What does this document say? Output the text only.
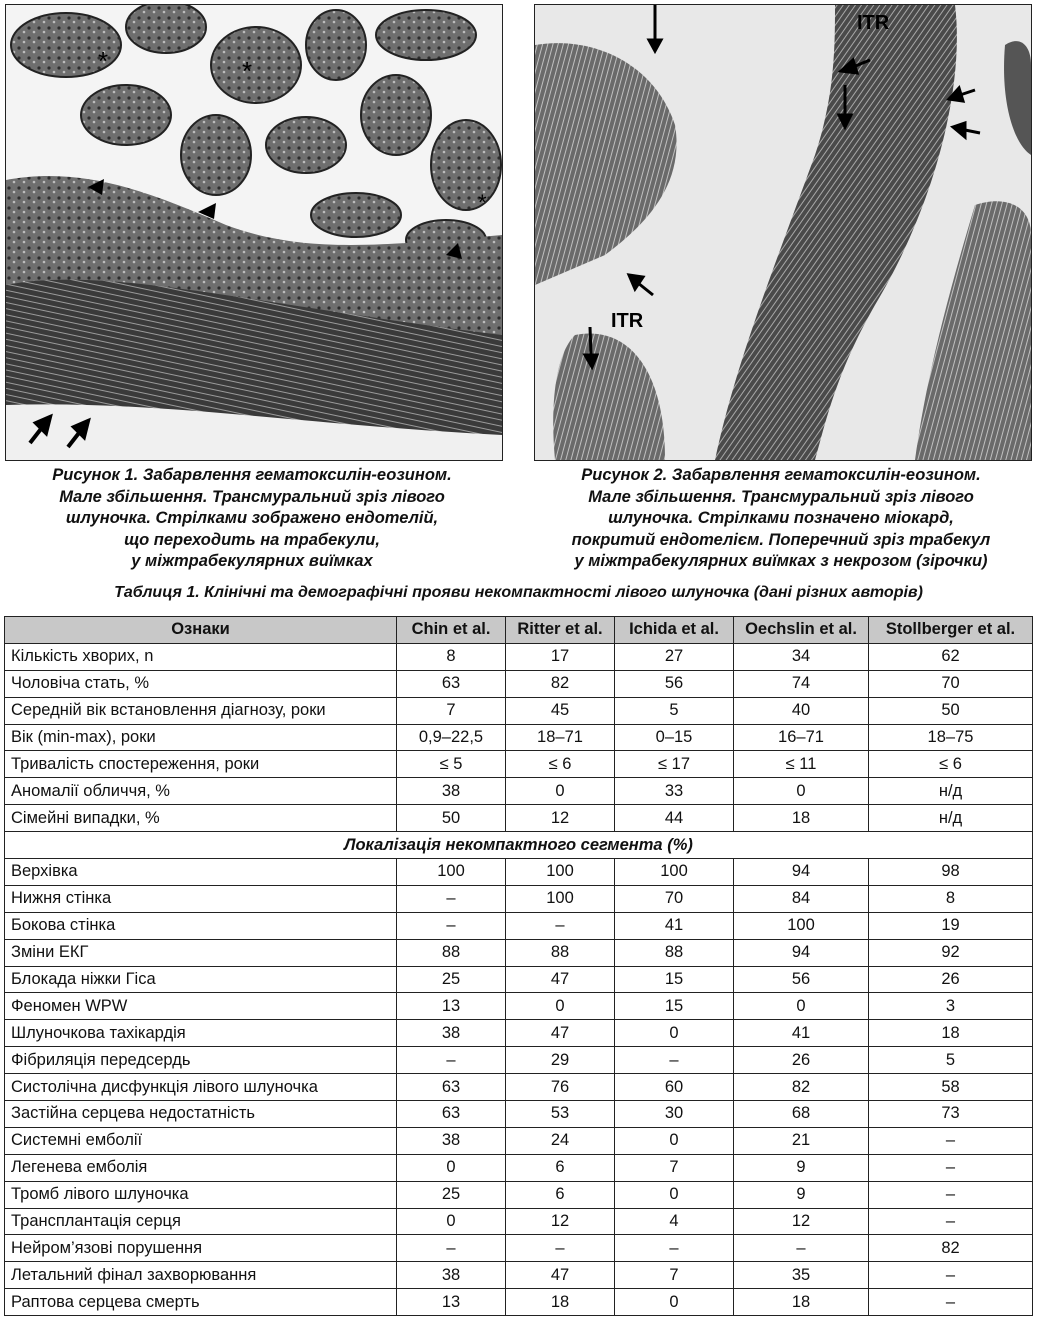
*	*
*
ITR
ITR
Рисунок 1. Забарвлення гематоксилін-еозином.
Мале збільшення. Трансмуральний зріз лівого
шлуночка. Стрілками зображено ендотелій,
що переходить на трабекули,
у міжтрабекулярних виїмках
Рисунок 2. Забарвлення гематоксилін-еозином.
Мале збільшення. Трансмуральний зріз лівого
шлуночка. Стрілками позначено міокард,
покритий ендотелієм. Поперечний зріз трабекул
у міжтрабекулярних виїмках з некрозом (зірочки)
Таблиця 1. Клінічні та демографічні прояви некомпактності лівого шлуночка (дані різних авторів)
Ознаки	Chin et al.	Ritter et al.	Ichida et al.	Oechslin et al.	Stollberger et al.
Кількість хворих, n	8	17	27	34	62
Чоловіча стать, %	63	82	56	74	70
Середній вік встановлення діагнозу, роки	7	45	5	40	50
Вік (min-max), роки	0,9–22,5	18–71	0–15	16–71	18–75
Тривалість спостереження, роки	≤ 5	≤ 6	≤ 17	≤ 11	≤ 6
Аномалії обличчя, %	38	0	33	0	н/д
Сімейні випадки, %	50	12	44	18	н/д
Локалізація некомпактного сегмента (%)					
Верхівка	100	100	100	94	98
Нижня стінка	–	100	70	84	8
Бокова стінка	–	–	41	100	19
Зміни ЕКГ	88	88	88	94	92
Блокада ніжки Гіса	25	47	15	56	26
Феномен WPW	13	0	15	0	3
Шлуночкова тахікардія	38	47	0	41	18
Фібриляція передсердь	–	29	–	26	5
Систолічна дисфункція лівого шлуночка	63	76	60	82	58
Застійна серцева недостатність	63	53	30	68	73
Системні емболії	38	24	0	21	–
Легенева емболія	0	6	7	9	–
Тромб лівого шлуночка	25	6	0	9	–
Трансплантація серця	0	12	4	12	–
Нейром’язові порушення	–	–	–	–	82
Летальний фінал захворювання	38	47	7	35	–
Раптова серцева смерть	13	18	0	18	–
